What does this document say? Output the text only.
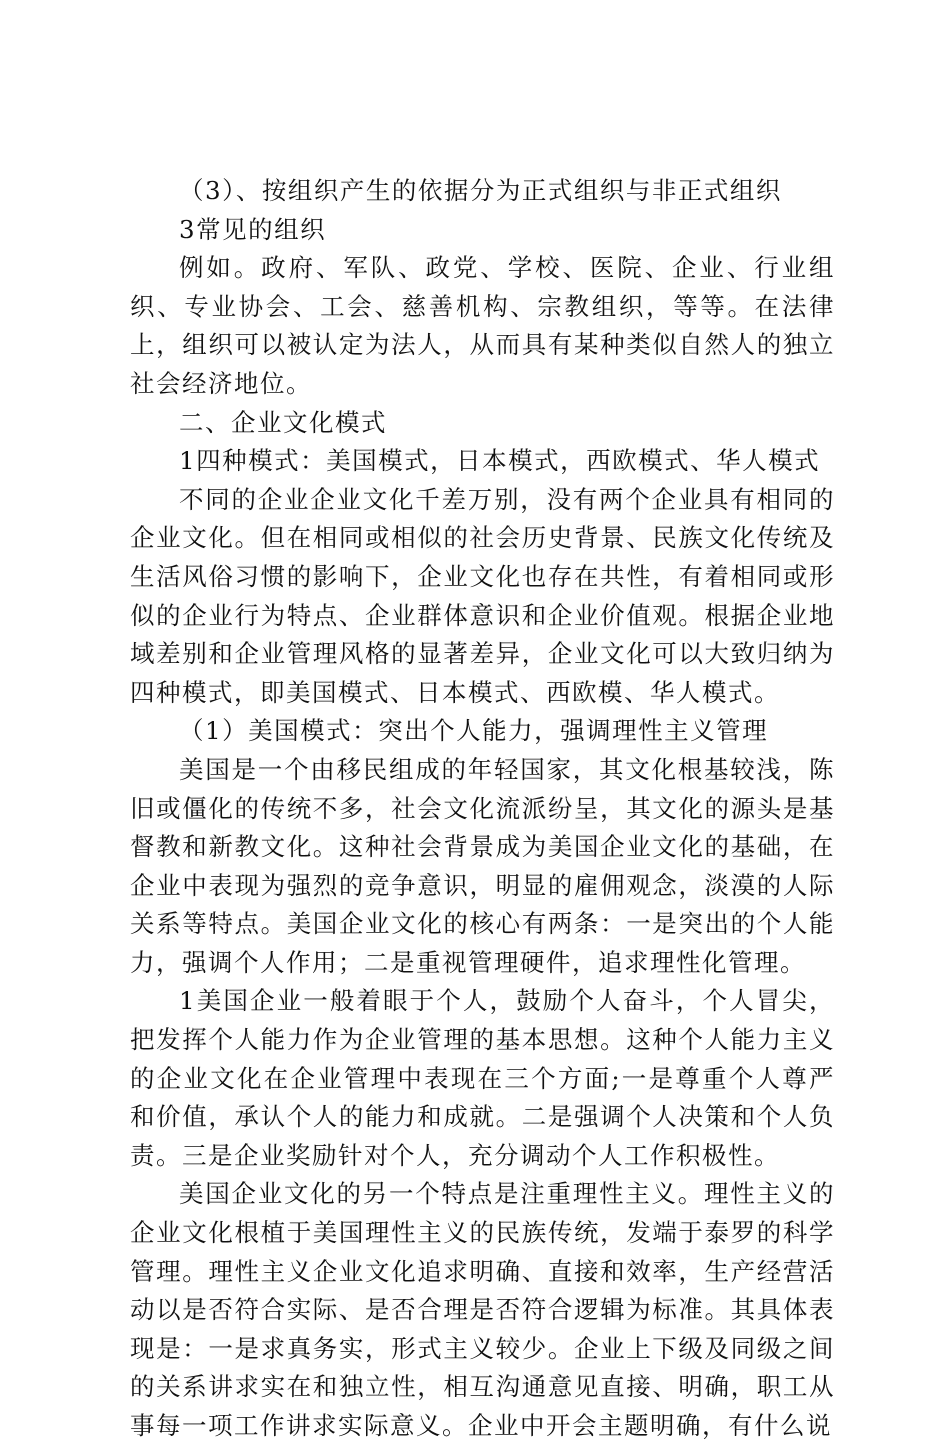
（3）、按组织产生的依据分为正式组织与非正式组织

3常见的组织

例如。政府、军队、政党、学校、医院、企业、行业组织、专业协会、工会、慈善机构、宗教组织，等等。在法律上，组织可以被认定为法人，从而具有某种类似自然人的独立社会经济地位。

二、企业文化模式

1四种模式：美国模式，日本模式，西欧模式、华人模式

不同的企业企业文化千差万别，没有两个企业具有相同的企业文化。但在相同或相似的社会历史背景、民族文化传统及生活风俗习惯的影响下，企业文化也存在共性，有着相同或形似的企业行为特点、企业群体意识和企业价值观。根据企业地域差别和企业管理风格的显著差异，企业文化可以大致归纳为四种模式，即美国模式、日本模式、西欧模、华人模式。

（1）美国模式：突出个人能力，强调理性主义管理

美国是一个由移民组成的年轻国家，其文化根基较浅，陈旧或僵化的传统不多，社会文化流派纷呈，其文化的源头是基督教和新教文化。这种社会背景成为美国企业文化的基础，在企业中表现为强烈的竞争意识，明显的雇佣观念，淡漠的人际关系等特点。美国企业文化的核心有两条：一是突出的个人能力，强调个人作用；二是重视管理硬件，追求理性化管理。

1美国企业一般着眼于个人，鼓励个人奋斗，个人冒尖，把发挥个人能力作为企业管理的基本思想。这种个人能力主义的企业文化在企业管理中表现在三个方面;一是尊重个人尊严和价值，承认个人的能力和成就。二是强调个人决策和个人负责。三是企业奖励针对个人，充分调动个人工作积极性。

美国企业文化的另一个特点是注重理性主义。理性主义的企业文化根植于美国理性主义的民族传统，发端于泰罗的科学管理。理性主义企业文化追求明确、直接和效率，生产经营活动以是否符合实际、是否合理是否符合逻辑为标准。其具体表现是：一是求真务实，形式主义较少。企业上下级及同级之间的关系讲求实在和独立性，相互沟通意见直接、明确，职工从事每一项工作讲求实际意义。企业中开会主题明确，有什么说
